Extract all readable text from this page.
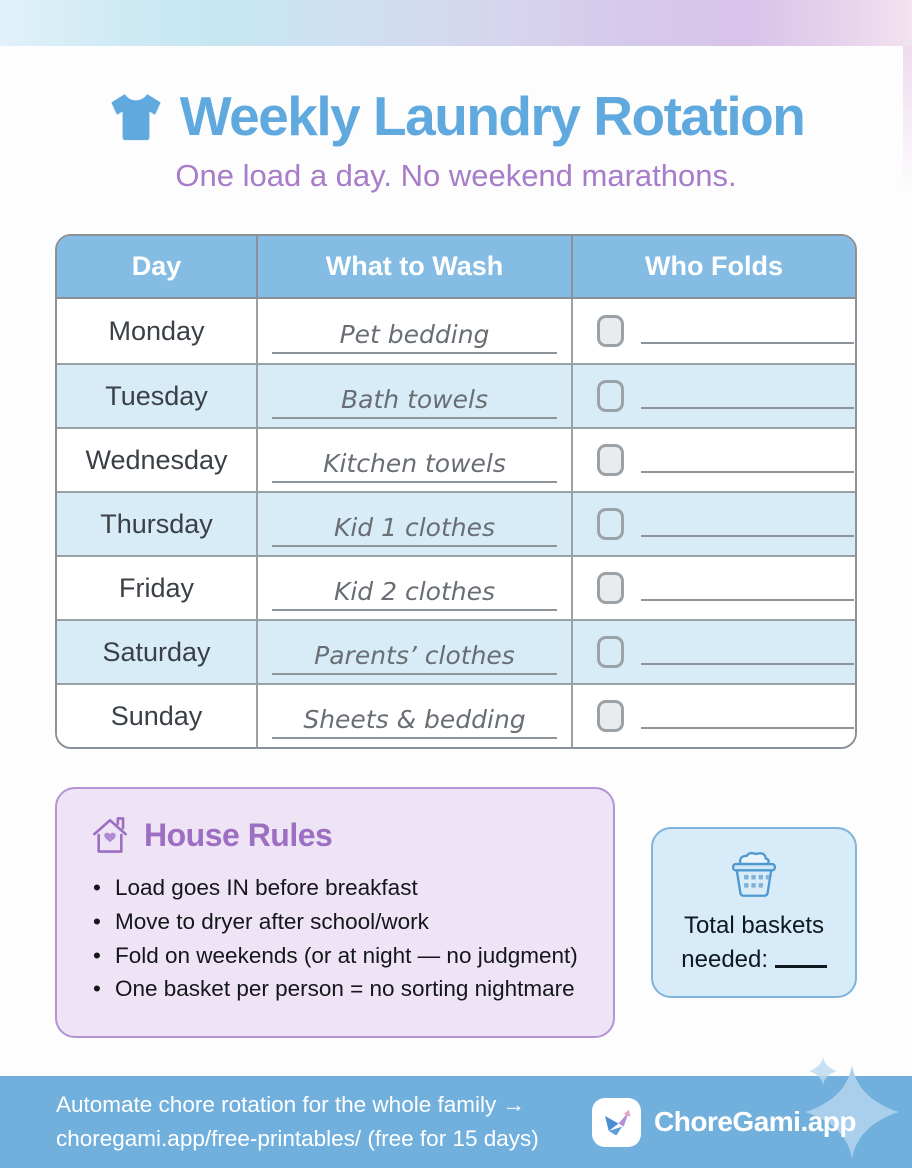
Weekly Laundry Rotation
One load a day. No weekend marathons.
Day	What to Wash	Who Folds
Monday	Pet bedding
Tuesday	Bath towels
Wednesday	Kitchen towels
Thursday	Kid 1 clothes
Friday	Kid 2 clothes
Saturday	Parents’ clothes
Sunday	Sheets & bedding
House Rules
• Load goes IN before breakfast
• Move to dryer after school/work
• Fold on weekends (or at night — no judgment)
• One basket per person = no sorting nightmare
Total baskets
needed:
Automate chore rotation for the whole family →
choregami.app/free-printables/ (free for 15 days)
ChoreGami.app
